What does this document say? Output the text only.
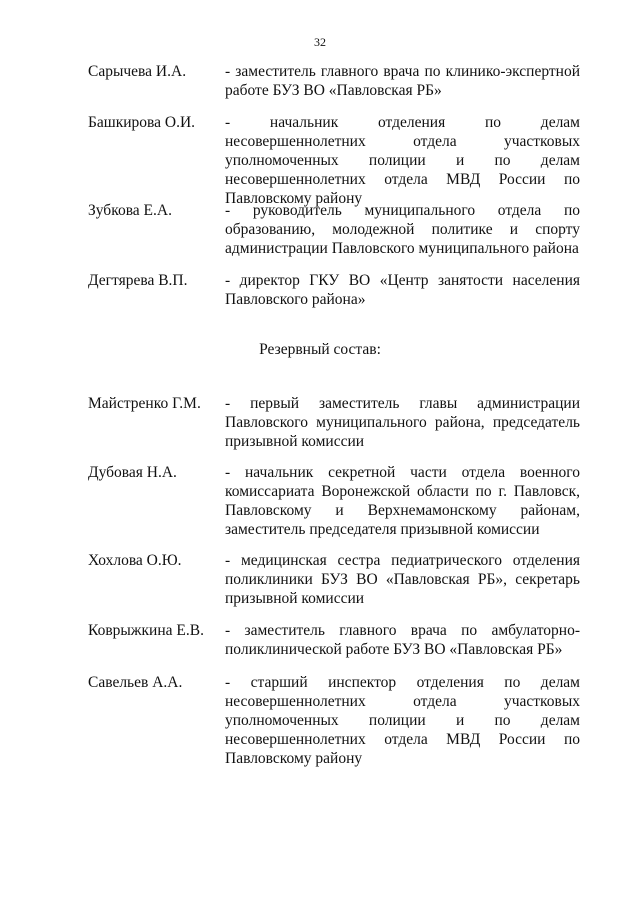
32
Сарычева И.А.	- заместитель главного врача по клинико-экспертной работе БУЗ ВО «Павловская РБ»
Башкирова О.И.	- начальник отделения по делам несовершеннолетних отдела участковых уполномоченных полиции и по делам несовершеннолетних отдела МВД России по Павловскому району
Зубкова Е.А.	- руководитель муниципального отдела по образованию, молодежной политике и спорту администрации Павловского муниципального района
Дегтярева В.П.	- директор ГКУ ВО «Центр занятости населения Павловского района»
Резервный состав:
Майстренко Г.М.	- первый заместитель главы администрации Павловского муниципального района, председатель призывной комиссии
Дубовая Н.А.	- начальник секретной части отдела военного комиссариата Воронежской области по г. Павловск, Павловскому и Верхнемамонскому районам, заместитель председателя призывной комиссии
Хохлова О.Ю.	- медицинская сестра педиатрического отделения поликлиники БУЗ ВО «Павловская РБ», секретарь призывной комиссии
Коврыжкина Е.В.	- заместитель главного врача по амбулаторно-поликлинической работе БУЗ ВО «Павловская РБ»
Савельев А.А.	- старший инспектор отделения по делам несовершеннолетних отдела участковых уполномоченных полиции и по делам несовершеннолетних отдела МВД России по Павловскому району
